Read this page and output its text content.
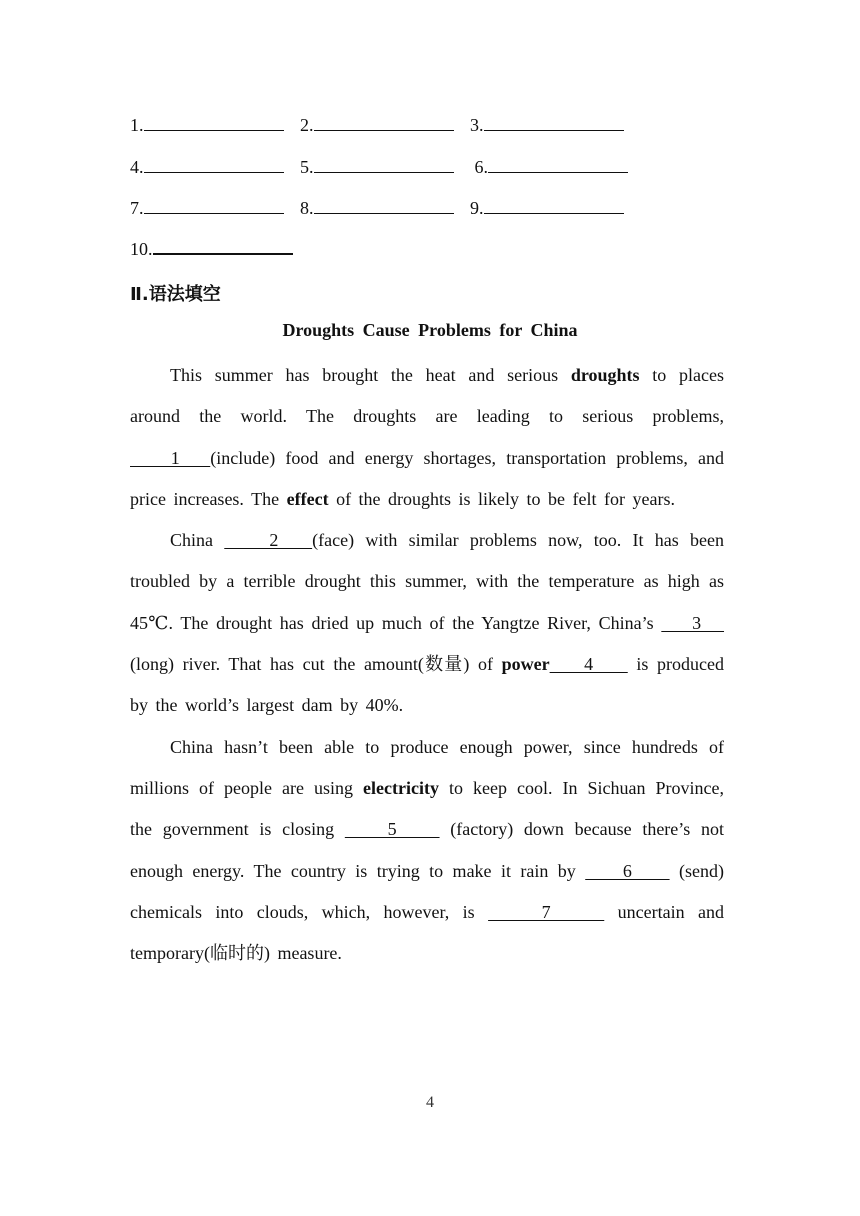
1.	2.	3.
4.	5.	6.
7.	8.	9.
10.
Ⅱ.语法填空
Droughts Cause Problems for China

This summer has brought the heat and serious droughts to places around the world. The droughts are leading to serious problems,     1   (include) food and energy shortages, transportation problems, and price increases. The effect of the droughts is likely to be felt for years.

China     2   (face) with similar problems now, too. It has been troubled by a terrible drought this summer, with the temperature as high as 45℃. The drought has dried up much of the Yangtze River, China’s     3    (long) river. That has cut the amount(数量) of power    4     is produced by the world’s largest dam by 40%.

China hasn’t been able to produce enough power, since hundreds of millions of people are using electricity to keep cool. In Sichuan Province, the government is closing     5     (factory) down because there’s not enough energy. The country is trying to make it rain by     6     (send) chemicals into clouds, which, however, is     7     uncertain and temporary(临时的) measure.

4
